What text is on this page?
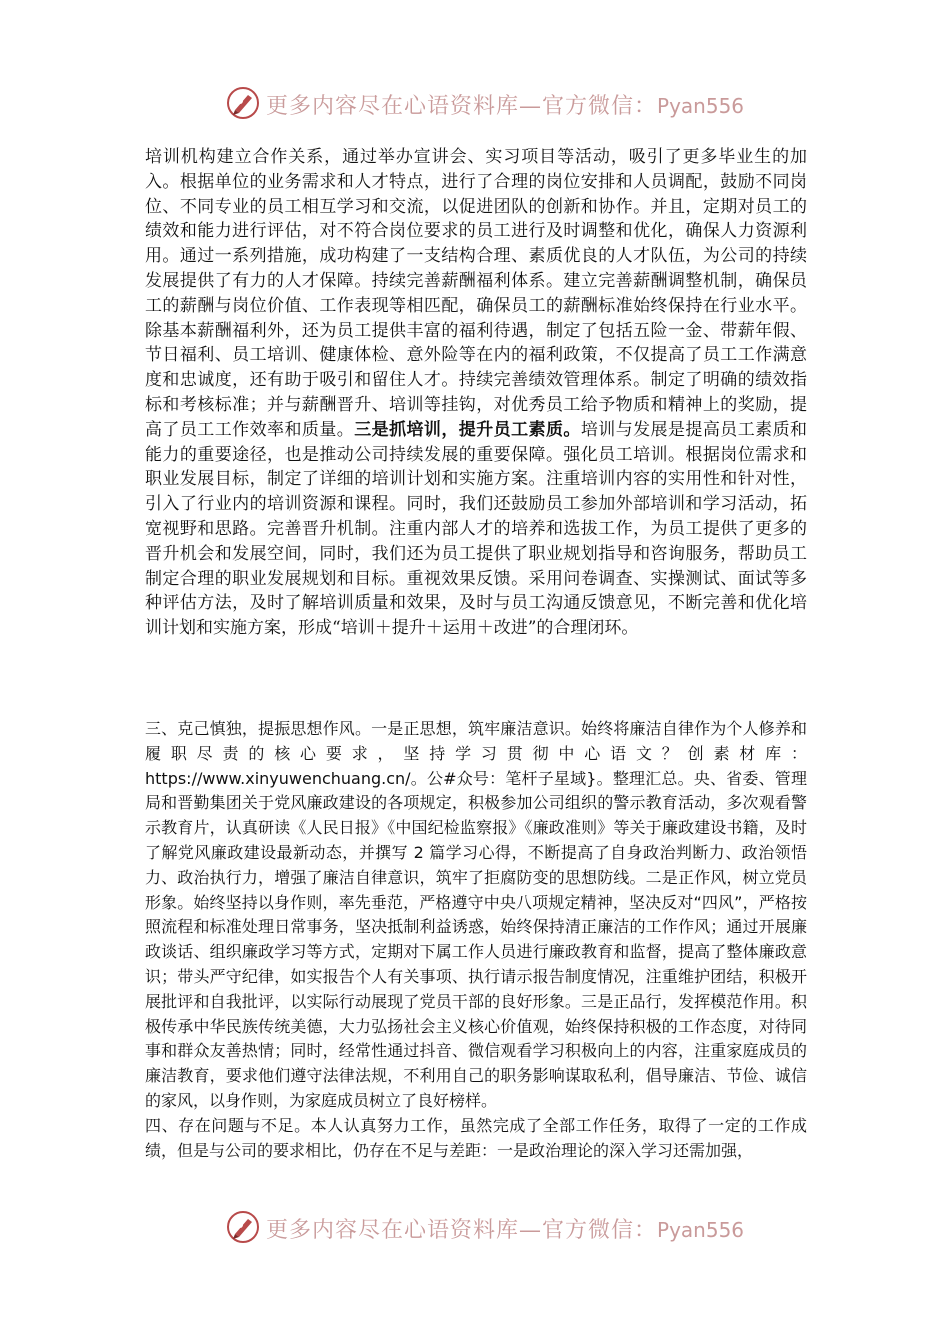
更多内容尽在心语资料库—官方微信：Pyan556

培训机构建立合作关系，通过举办宣讲会、实习项目等活动，吸引了更多毕业生的加入。根据单位的业务需求和人才特点，进行了合理的岗位安排和人员调配，鼓励不同岗位、不同专业的员工相互学习和交流，以促进团队的创新和协作。并且，定期对员工的绩效和能力进行评估，对不符合岗位要求的员工进行及时调整和优化，确保人力资源利用。通过一系列措施，成功构建了一支结构合理、素质优良的人才队伍，为公司的持续发展提供了有力的人才保障。持续完善薪酬福利体系。建立完善薪酬调整机制，确保员工的薪酬与岗位价值、工作表现等相匹配，确保员工的薪酬标准始终保持在行业水平。除基本薪酬福利外，还为员工提供丰富的福利待遇，制定了包括五险一金、带薪年假、节日福利、员工培训、健康体检、意外险等在内的福利政策，不仅提高了员工工作满意度和忠诚度，还有助于吸引和留住人才。持续完善绩效管理体系。制定了明确的绩效指标和考核标准；并与薪酬晋升、培训等挂钩，对优秀员工给予物质和精神上的奖励，提高了员工工作效率和质量。三是抓培训，提升员工素质。培训与发展是提高员工素质和能力的重要途径，也是推动公司持续发展的重要保障。强化员工培训。根据岗位需求和职业发展目标，制定了详细的培训计划和实施方案。注重培训内容的实用性和针对性，引入了行业内的培训资源和课程。同时，我们还鼓励员工参加外部培训和学习活动，拓宽视野和思路。完善晋升机制。注重内部人才的培养和选拔工作，为员工提供了更多的晋升机会和发展空间，同时，我们还为员工提供了职业规划指导和咨询服务，帮助员工制定合理的职业发展规划和目标。重视效果反馈。采用问卷调查、实操测试、面试等多种评估方法，及时了解培训质量和效果，及时与员工沟通反馈意见，不断完善和优化培训计划和实施方案，形成“培训＋提升＋运用＋改进”的合理闭环。

三、克己慎独，提振思想作风。一是正思想，筑牢廉洁意识。始终将廉洁自律作为个人修养和履职尽责的核心要求，坚持学习贯彻中心语文？创素材库：https://www.xinyuwenchuang.cn/。公#众号：笔杆子星域}。整理汇总。央、省委、管理局和晋勤集团关于党风廉政建设的各项规定，积极参加公司组织的警示教育活动，多次观看警示教育片，认真研读《人民日报》《中国纪检监察报》《廉政准则》等关于廉政建设书籍，及时了解党风廉政建设最新动态，并撰写 2 篇学习心得，不断提高了自身政治判断力、政治领悟力、政治执行力，增强了廉洁自律意识，筑牢了拒腐防变的思想防线。二是正作风，树立党员形象。始终坚持以身作则，率先垂范，严格遵守中央八项规定精神，坚决反对“四风”，严格按照流程和标准处理日常事务，坚决抵制利益诱惑，始终保持清正廉洁的工作作风；通过开展廉政谈话、组织廉政学习等方式，定期对下属工作人员进行廉政教育和监督，提高了整体廉政意识；带头严守纪律，如实报告个人有关事项、执行请示报告制度情况，注重维护团结，积极开展批评和自我批评，以实际行动展现了党员干部的良好形象。三是正品行，发挥模范作用。积极传承中华民族传统美德，大力弘扬社会主义核心价值观，始终保持积极的工作态度，对待同事和群众友善热情；同时，经常性通过抖音、微信观看学习积极向上的内容，注重家庭成员的廉洁教育，要求他们遵守法律法规，不利用自己的职务影响谋取私利，倡导廉洁、节俭、诚信的家风，以身作则，为家庭成员树立了良好榜样。

四、存在问题与不足。本人认真努力工作，虽然完成了全部工作任务，取得了一定的工作成绩，但是与公司的要求相比，仍存在不足与差距：一是政治理论的深入学习还需加强，

更多内容尽在心语资料库—官方微信：Pyan556
